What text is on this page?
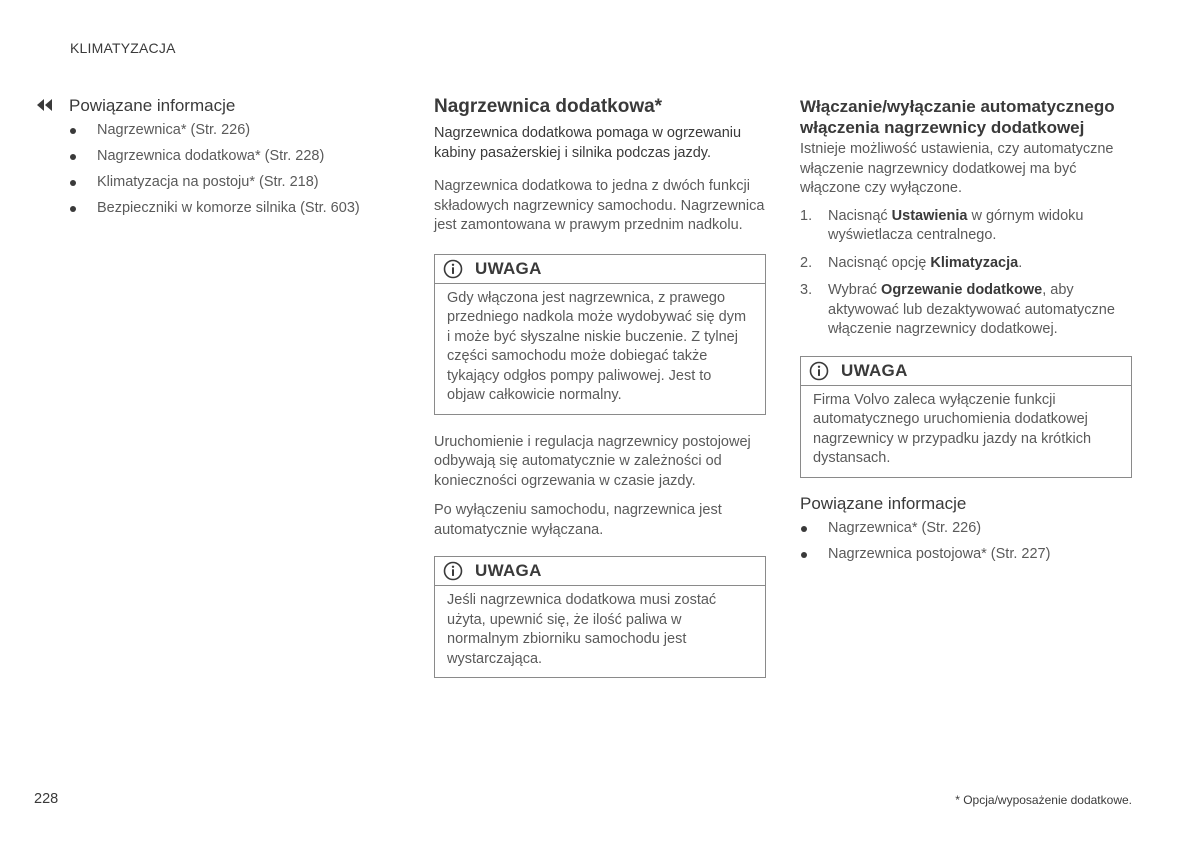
KLIMATYZACJA
Powiązane informacje
Nagrzewnica* (Str. 226)
Nagrzewnica dodatkowa* (Str. 228)
Klimatyzacja na postoju* (Str. 218)
Bezpieczniki w komorze silnika (Str. 603)
Nagrzewnica dodatkowa*

Nagrzewnica dodatkowa pomaga w ogrzewaniu kabiny pasażerskiej i silnika podczas jazdy.

Nagrzewnica dodatkowa to jedna z dwóch funkcji składowych nagrzewnicy samochodu. Nagrzewnica jest zamontowana w prawym przednim nadkolu.

UWAGA
Gdy włączona jest nagrzewnica, z prawego przedniego nadkola może wydobywać się dym i może być słyszalne niskie buczenie. Z tylnej części samochodu może dobiegać także tykający odgłos pompy paliwowej. Jest to objaw całkowicie normalny.

Uruchomienie i regulacja nagrzewnicy postojowej odbywają się automatycznie w zależności od konieczności ogrzewania w czasie jazdy.

Po wyłączeniu samochodu, nagrzewnica jest automatycznie wyłączana.

UWAGA
Jeśli nagrzewnica dodatkowa musi zostać użyta, upewnić się, że ilość paliwa w normalnym zbiorniku samochodu jest wystarczająca.
Włączanie/wyłączanie automatycznego włączenia nagrzewnicy dodatkowej

Istnieje możliwość ustawienia, czy automatyczne włączenie nagrzewnicy dodatkowej ma być włączone czy wyłączone.

1. Nacisnąć Ustawienia w górnym widoku wyświetlacza centralnego.
2. Nacisnąć opcję Klimatyzacja.
3. Wybrać Ogrzewanie dodatkowe, aby aktywować lub dezaktywować automatyczne włączenie nagrzewnicy dodatkowej.
UWAGA
Firma Volvo zaleca wyłączenie funkcji automatycznego uruchomienia dodatkowej nagrzewnicy w przypadku jazdy na krótkich dystansach.
Powiązane informacje
Nagrzewnica* (Str. 226)
Nagrzewnica postojowa* (Str. 227)
228	* Opcja/wyposażenie dodatkowe.
